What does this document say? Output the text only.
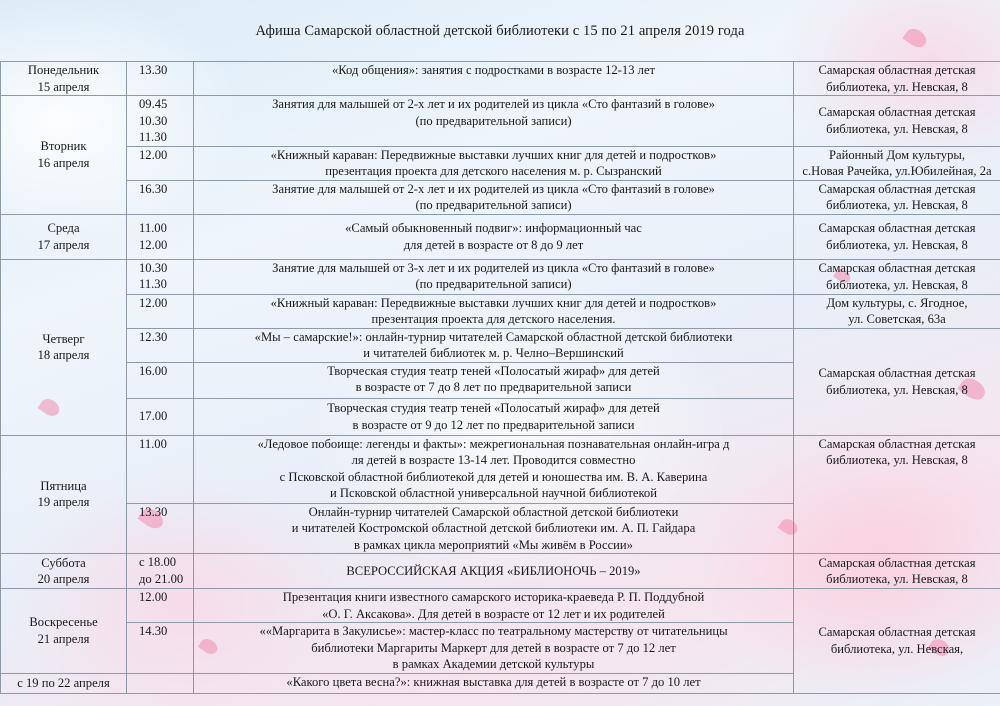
Афиша Самарской областной детской библиотеки с 15 по 21 апреля 2019 года
Понедельник
15 апреля	13.30	«Код общения»: занятия с подростками в возрасте 12-13 лет	Самарская областная детская
библиотека, ул. Невская, 8

Вторник
16 апреля	09.45
10.30
11.30	Занятия для малышей от 2-х лет и их родителей из цикла «Сто фантазий в голове»
(по предварительной записи)	Самарская областная детская
библиотека, ул. Невская, 8

	12.00	«Книжный караван: Передвижные выставки лучших книг для детей и подростков»
презентация проекта для детского населения м. р. Сызранский	Районный Дом культуры,
с.Новая Рачейка, ул.Юбилейная, 2а

	16.30	Занятие для малышей от 2-х лет и их родителей из цикла «Сто фантазий в голове»
(по предварительной записи)	Самарская областная детская
библиотека, ул. Невская, 8

Среда
17 апреля	11.00
12.00	«Самый обыкновенный подвиг»: информационный час
для детей в возрасте от 8 до 9 лет	Самарская областная детская
библиотека, ул. Невская, 8

Четверг
18 апреля	10.30
11.30	Занятие для малышей от 3-х лет и их родителей из цикла «Сто фантазий в голове»
(по предварительной записи)	Самарская областная детская
библиотека, ул. Невская, 8

	12.00	«Книжный караван: Передвижные выставки лучших книг для детей и подростков»
презентация проекта для детского населения.	Дом культуры, с. Ягодное,
ул. Советская, 63а

	12.30	«Мы – самарские!»: онлайн-турнир читателей Самарской областной детской библиотеки
и читателей библиотек м. р. Челно–Вершинский	Самарская областная детская
библиотека, ул. Невская, 8

	16.00	Творческая студия театр теней «Полосатый жираф» для детей
в возрасте от 7 до 8 лет по предварительной записи	

	17.00	Творческая студия театр теней «Полосатый жираф» для детей
в возрасте от 9 до 12 лет по предварительной записи	

Пятница
19 апреля	11.00	«Ледовое побоище: легенды и факты»: межрегиональная познавательная онлайн-игра д
ля детей в возрасте 13-14 лет. Проводится совместно
с Псковской областной библиотекой для детей и юношества им. В. А. Каверина
и Псковской областной универсальной научной библиотекой	Самарская областная детская
библиотека, ул. Невская, 8

	13.30	Онлайн-турнир читателей Самарской областной детской библиотеки
и читателей Костромской областной детской библиотеки им. А. П. Гайдара
в рамках цикла мероприятий «Мы живём в России»	

Суббота
20 апреля	с 18.00
до 21.00	ВСЕРОССИЙСКАЯ АКЦИЯ «БИБЛИОНОЧЬ – 2019»	Самарская областная детская
библиотека, ул. Невская, 8

Воскресенье
21 апреля	12.00	Презентация книги известного самарского историка-краеведа Р. П. Поддубной
«О. Г. Аксакова». Для детей в возрасте от 12 лет и их родителей	Самарская областная детская
библиотека, ул. Невская,

	14.30	««Маргарита в Закулисье»: мастер-класс по театральному мастерству от читательницы
библиотеки Маргариты Маркерт для детей в возрасте от 7 до 12 лет
в рамках Академии детской культуры	

с 19 по 22 апреля		«Какого цвета весна?»: книжная выставка для детей в возрасте от 7 до 10 лет	
